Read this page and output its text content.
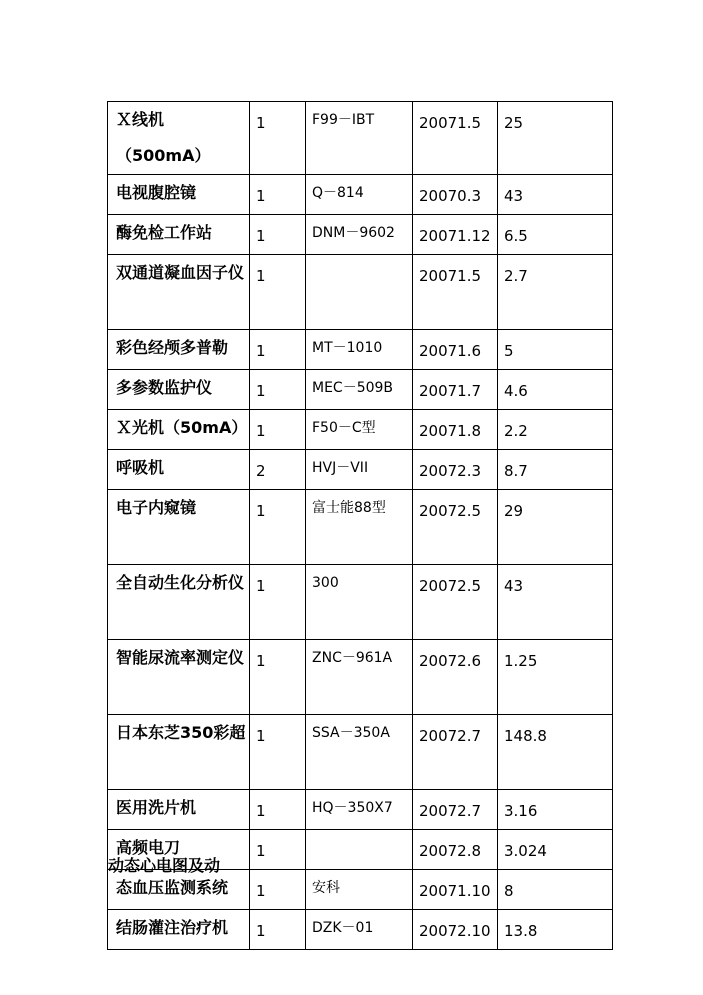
Ｘ线机（500mA）	1	F99－IBT	20071.5	25
电视腹腔镜	1	Q－814	20070.3	43
酶免检工作站	1	DNM－9602	20071.12	6.5
双通道凝血因子仪	1		20071.5	2.7
彩色经颅多普勒	1	MT－1010	20071.6	5
多参数监护仪	1	MEC－509B	20071.7	4.6
Ｘ光机（50mA）	1	F50－C型	20071.8	2.2
呼吸机	2	HVJ－VII	20072.3	8.7
电子内窥镜	1	富士能88型	20072.5	29
全自动生化分析仪	1	300	20072.5	43
智能尿流率测定仪	1	ZNC－961A	20072.6	1.25
日本东芝350彩超	1	SSA－350A	20072.7	148.8
医用洗片机	1	HQ－350X7	20072.7	3.16
高频电刀	1		20072.8	3.024

动态心电图及动
态血压监测系统	1	安科	20071.10	8
结肠灌注治疗机	1	DZK－01	20072.10	13.8
